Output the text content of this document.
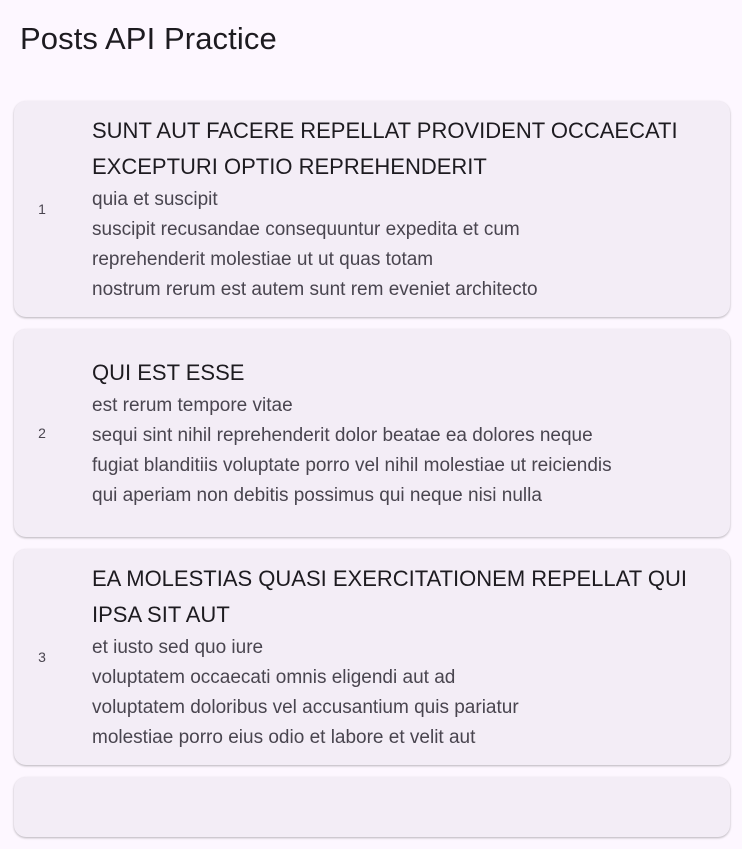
Posts API Practice
1
SUNT AUT FACERE REPELLAT PROVIDENT OCCAECATI EXCEPTURI OPTIO REPREHENDERIT

quia et suscipit
suscipit recusandae consequuntur expedita et cum
reprehenderit molestiae ut ut quas totam
nostrum rerum est autem sunt rem eveniet architecto

2
QUI EST ESSE

est rerum tempore vitae
sequi sint nihil reprehenderit dolor beatae ea dolores neque
fugiat blanditiis voluptate porro vel nihil molestiae ut reiciendis
qui aperiam non debitis possimus qui neque nisi nulla

3
EA MOLESTIAS QUASI EXERCITATIONEM REPELLAT QUI IPSA SIT AUT

et iusto sed quo iure
voluptatem occaecati omnis eligendi aut ad
voluptatem doloribus vel accusantium quis pariatur
molestiae porro eius odio et labore et velit aut
